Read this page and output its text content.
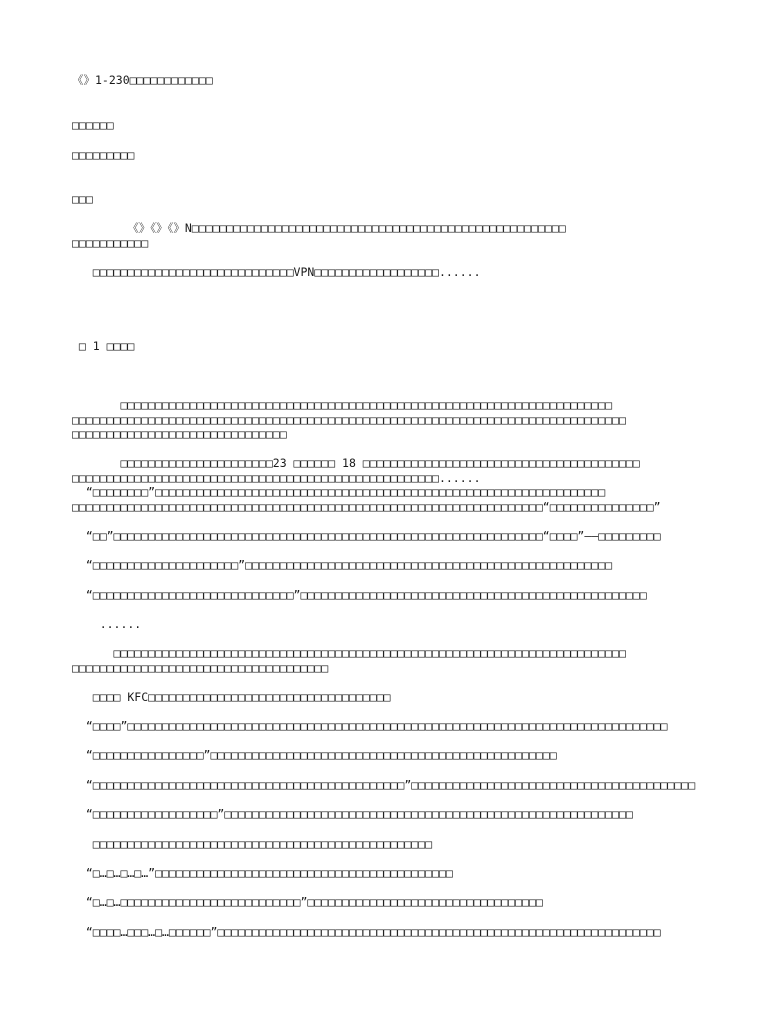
《》1-230□□□□□□□□□□□□
□□□□□□
□□□□□□□□□
□□□
《》《》《》N□□□□□□□□□□□□□□□□□□□□□□□□□□□□□□□□□□□□□□□□□□□□□□□□□□□□□□
□□□□□□□□□□□
□□□□□□□□□□□□□□□□□□□□□□□□□□□□□VPN□□□□□□□□□□□□□□□□□□......
□ 1 □□□□
□□□□□□□□□□□□□□□□□□□□□□□□□□□□□□□□□□□□□□□□□□□□□□□□□□□□□□□□□□□□□□□□□□□□□□□
□□□□□□□□□□□□□□□□□□□□□□□□□□□□□□□□□□□□□□□□□□□□□□□□□□□□□□□□□□□□□□□□□□□□□□□□□□□□□□□□
□□□□□□□□□□□□□□□□□□□□□□□□□□□□□□□
□□□□□□□□□□□□□□□□□□□□□□23 □□□□□□ 18 □□□□□□□□□□□□□□□□□□□□□□□□□□□□□□□□□□□□□□□□
□□□□□□□□□□□□□□□□□□□□□□□□□□□□□□□□□□□□□□□□□□□□□□□□□□□□□......
“□□□□□□□□”□□□□□□□□□□□□□□□□□□□□□□□□□□□□□□□□□□□□□□□□□□□□□□□□□□□□□□□□□□□□□□□□□
□□□□□□□□□□□□□□□□□□□□□□□□□□□□□□□□□□□□□□□□□□□□□□□□□□□□□□□□□□□□□□□□□□□□“□□□□□□□□□□□□□□□”
“□□”□□□□□□□□□□□□□□□□□□□□□□□□□□□□□□□□□□□□□□□□□□□□□□□□□□□□□□□□□□□□□□“□□□□”——□□□□□□□□□
“□□□□□□□□□□□□□□□□□□□□□”□□□□□□□□□□□□□□□□□□□□□□□□□□□□□□□□□□□□□□□□□□□□□□□□□□□□□
“□□□□□□□□□□□□□□□□□□□□□□□□□□□□□”□□□□□□□□□□□□□□□□□□□□□□□□□□□□□□□□□□□□□□□□□□□□□□□□□□
......
□□□□□□□□□□□□□□□□□□□□□□□□□□□□□□□□□□□□□□□□□□□□□□□□□□□□□□□□□□□□□□□□□□□□□□□□□□
□□□□□□□□□□□□□□□□□□□□□□□□□□□□□□□□□□□□□
□□□□ KFC□□□□□□□□□□□□□□□□□□□□□□□□□□□□□□□□□□□
“□□□□”□□□□□□□□□□□□□□□□□□□□□□□□□□□□□□□□□□□□□□□□□□□□□□□□□□□□□□□□□□□□□□□□□□□□□□□□□□□□□□
“□□□□□□□□□□□□□□□□”□□□□□□□□□□□□□□□□□□□□□□□□□□□□□□□□□□□□□□□□□□□□□□□□□□
“□□□□□□□□□□□□□□□□□□□□□□□□□□□□□□□□□□□□□□□□□□□□□”□□□□□□□□□□□□□□□□□□□□□□□□□□□□□□□□□□□□□□□□□
“□□□□□□□□□□□□□□□□□□”□□□□□□□□□□□□□□□□□□□□□□□□□□□□□□□□□□□□□□□□□□□□□□□□□□□□□□□□□□□
□□□□□□□□□□□□□□□□□□□□□□□□□□□□□□□□□□□□□□□□□□□□□□□□□
“□…□…□…□…”□□□□□□□□□□□□□□□□□□□□□□□□□□□□□□□□□□□□□□□□□□□
“□…□…□□□□□□□□□□□□□□□□□□□□□□□□□□”□□□□□□□□□□□□□□□□□□□□□□□□□□□□□□□□□□
“□□□□…□□□…□…□□□□□□”□□□□□□□□□□□□□□□□□□□□□□□□□□□□□□□□□□□□□□□□□□□□□□□□□□□□□□□□□□□□□□□□
